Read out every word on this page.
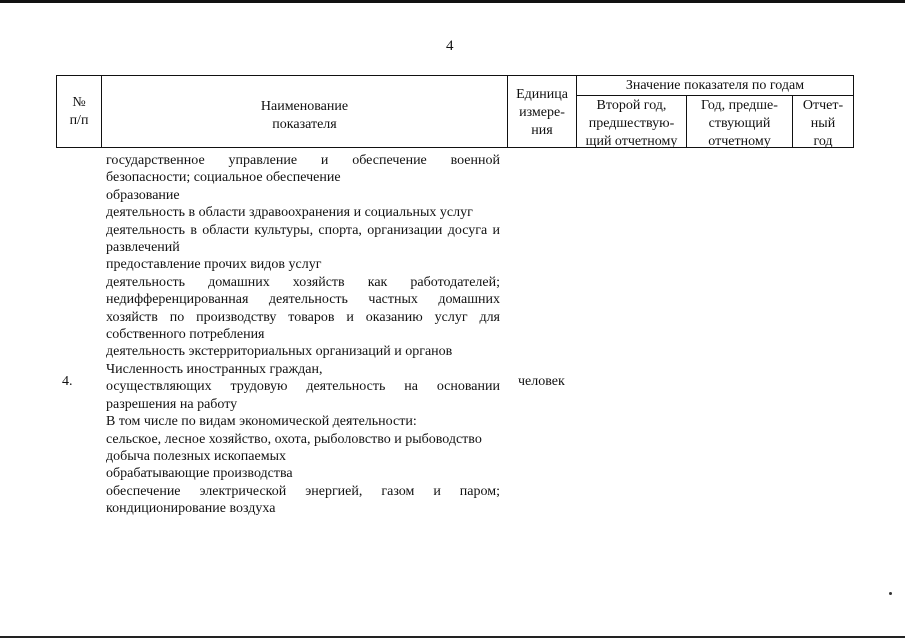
4
№
п/п
Наименование
показателя
Единица
измере-
ния
Значение показателя по годам
Второй год,
предшествую-
щий отчетному
Год, предше-
ствующий
отчетному
Отчет-
ный
год
государственное управление и обеспечение военной безопасности; социальное обеспечение
образование
деятельность в области здравоохранения и социальных услуг
деятельность в области культуры, спорта, организации досуга и развлечений
предоставление прочих видов услуг
деятельность домашних хозяйств как работодателей; недифференцированная деятельность частных домашних хозяйств по производству товаров и оказанию услуг для собственного потребления
деятельность экстерриториальных организаций и органов
Численность иностранных граждан,
осуществляющих трудовую деятельность на основании разрешения на работу
В том числе по видам экономической деятельности:
сельское, лесное хозяйство, охота, рыболовство и рыбоводство
добыча полезных ископаемых
обрабатывающие производства
обеспечение электрической энергией, газом и паром; кондиционирование воздуха
4.	человек
